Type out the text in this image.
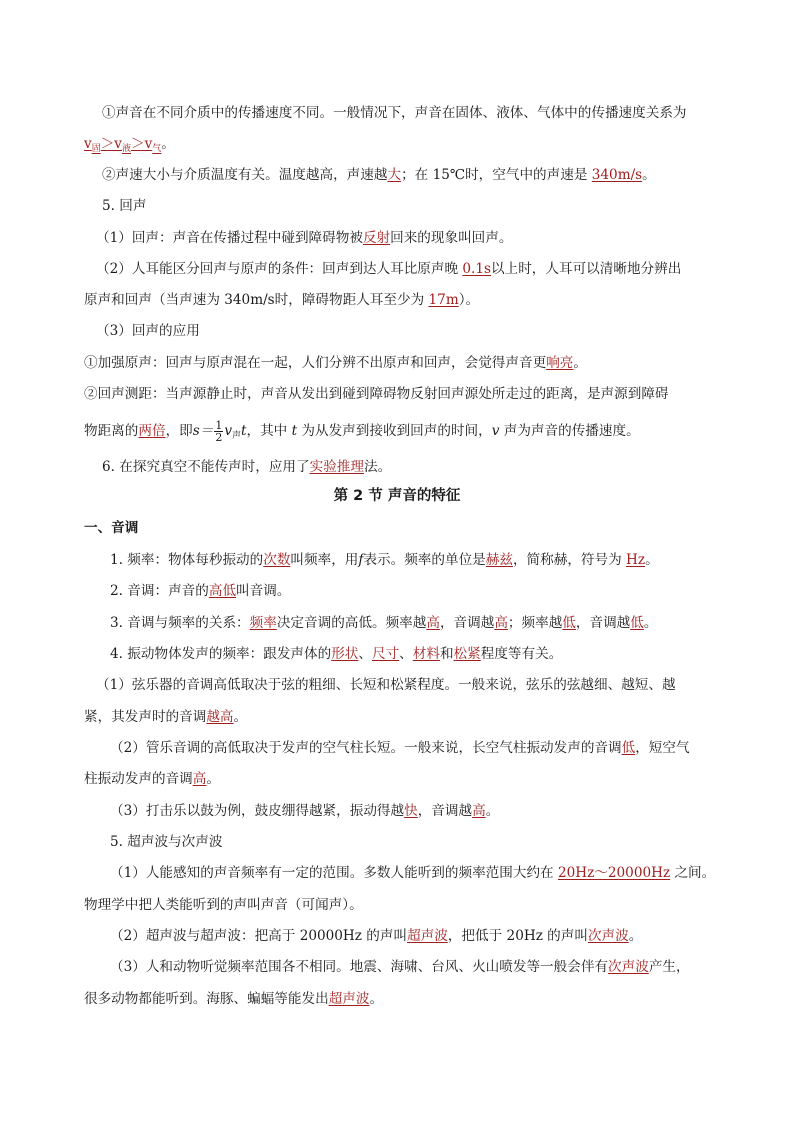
①声音在不同介质中的传播速度不同。一般情况下，声音在固体、液体、气体中的传播速度关系为
$v_固>v_液>v_气$。
②声速大小与介质温度有关。温度越高，声速越大；在 15℃时，空气中的声速是 340m/s。
5. 回声
（1）回声：声音在传播过程中碰到障碍物被反射回来的现象叫回声。
（2）人耳能区分回声与原声的条件：回声到达人耳比原声晚 0.1s以上时，人耳可以清晰地分辨出
原声和回声（当声速为 340m/s时，障碍物距人耳至少为 17m）。
（3）回声的应用
①加强原声：回声与原声混在一起，人们分辨不出原声和回声，会觉得声音更响亮。
②回声测距：当声源静止时，声音从发出到碰到障碍物反射回声源处所走过的距离，是声源到障碍
物距离的两倍，即$s= \frac{1}{2} v_声t$，其中 t 为从发声到接收到回声的时间，v 声为声音的传播速度。
6. 在探究真空不能传声时，应用了实验推理法。
一、音调
1. 频率：物体每秒振动的次数叫频率，用f表示。频率的单位是赫兹，简称赫，符号为 Hz。
2. 音调：声音的高低叫音调。
3. 音调与频率的关系：频率决定音调的高低。频率越高，音调越高；频率越低，音调越低。
4. 振动物体发声的频率：跟发声体的形状、尺寸、材料和松紧程度等有关。
（1）弦乐器的音调高低取决于弦的粗细、长短和松紧程度。一般来说，弦乐的弦越细、越短、越
紧，其发声时的音调越高。
（2）管乐音调的高低取决于发声的空气柱长短。一般来说，长空气柱振动发声的音调低，短空气
柱振动发声的音调高。
（3）打击乐以鼓为例，鼓皮绷得越紧，振动得越快，音调越高。
5. 超声波与次声波
（1）人能感知的声音频率有一定的范围。多数人能听到的频率范围大约在 20Hz～20000Hz 之间。
物理学中把人类能听到的声叫声音（可闻声）。
（2）超声波与超声波：把高于 20000Hz 的声叫超声波，把低于 20Hz 的声叫次声波。
（3）人和动物听觉频率范围各不相同。地震、海啸、台风、火山喷发等一般会伴有次声波产生，
很多动物都能听到。海豚、蝙蝠等能发出超声波。
第 2 节 声音的特征
